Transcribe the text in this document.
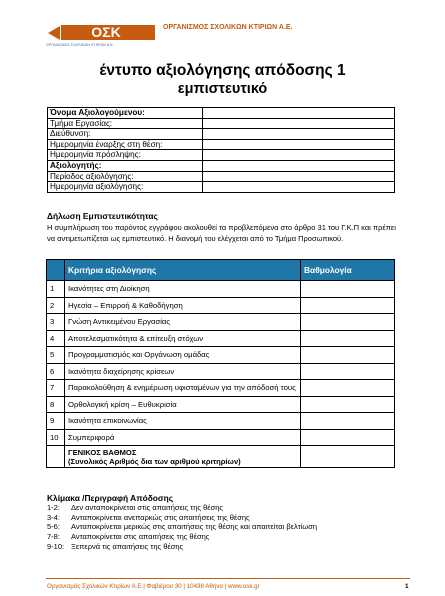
ΟΣΚ
ΟΡΓΑΝΙΣΜΟΣ ΣΧΟΛΙΚΩΝ ΚΤΙΡΙΩΝ Α.Ε.
ΟΡΓΑΝΙΣΜΟΣ ΣΧΟΛΙΚΩΝ ΚΤΙΡΙΩΝ Α.Ε.
έντυπο αξιολόγησης απόδοσης 1
εμπιστευτικό
Όνομα Αξιολογούμενου:	
Τμήμα Εργασίας:	
Διεύθυνση:	
Ημερομηνία έναρξης στη θέση:	
Ημερομηνία πρόσληψης:	
Αξιολογητής:	
Περίοδος αξιολόγησης:	
Ημερομηνία αξιολόγησης:	
Δήλωση Εμπιστευτικότητας
Η συμπλήρωση του παρόντος εγγράφου ακολουθεί τα προβλεπόμενα στο άρθρο 31 του Γ.Κ.Π και πρέπει να αντιμετωπίζεται ως εμπιστευτικό. Η διανομή του ελέγχεται από το Τμήμα Προσωπικού.
	Κριτήρια αξιολόγησης	Βαθμολογία
1	Ικανότητες στη Διοίκηση	
2	Ηγεσία – Επιρροή & Καθοδήγηση	
3	Γνώση Αντικειμένου Εργασίας	
4	Αποτελεσματικότητα & επίτευξη στόχων	
5	Προγραμματισμός και Οργάνωση ομάδας	
6	Ικανότητα διαχείρησης κρίσεων	
7	Παρακολούθηση & ενημέρωση υφισταμένων για την απόδοσή τους	
8	Ορθολογική κρίση – Ευθυκρισία	
9	Ικανότητα επικοινωνίας	
10	Συμπεριφορά	

	ΓΕΝΙΚΟΣ ΒΑΘΜΟΣ
(Συνολικός Αριθμός δια των αριθμού κριτηρίων)	

Κλίμακα /Περιγραφή Απόδοσης
1-2:	Δεν ανταποκρίνεται στις απαιτήσεις της θέσης
3-4:	Ανταποκρίνεται ανεπαρκώς στις απαιτήσεις της θέσης
5-6:	Ανταποκρίνεται μερικώς στις απαιτήσεις της θέσης και απαιτείται βελτίωση
7-8:	Ανταποκρίνεται στις απαιτήσεις της θέσης
9-10: Ξεπερνά τις απαιτήσεις της θέσης
Οργανισμός Σχολικών Κτιρίων Α.Ε.| Φαβιέρου 30 | 10438 Αθήνα | www.osk.gr	1
